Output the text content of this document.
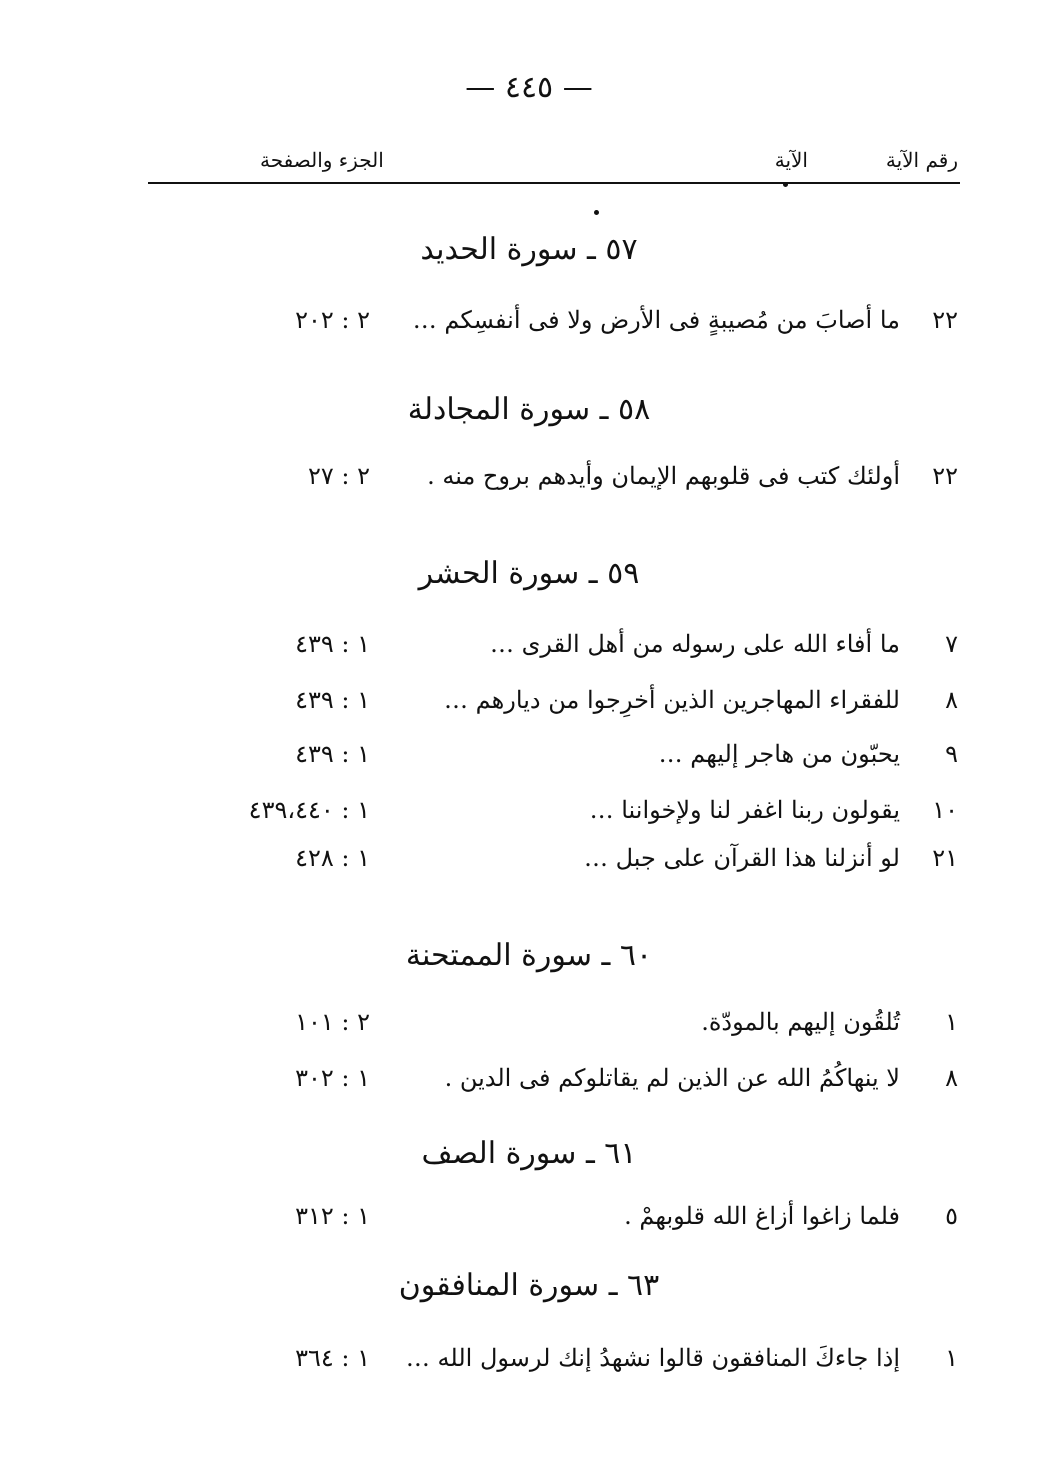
— ٤٤٥ —
رقم الآية
الآية
الجزء والصفحة
٥٧ ـ سورة الحديد
٢٢
ما أصابَ من مُصيبةٍ فى الأرض ولا فى أنفسِكم …
٢ : ٢٠٢
٥٨ ـ سورة المجادلة
٢٢
أولئك كتب فى قلوبهم الإيمان وأيدهم بروح منه .
٢ : ٢٧
٥٩ ـ سورة الحشر
٧
ما أفاء الله على رسوله من أهل القرى …
١ : ٤٣٩
٨
للفقراء المهاجرين الذين أخرِجوا من ديارهم …
١ : ٤٣٩
٩
يحبّون من هاجر إليهم …
١ : ٤٣٩
١٠
يقولون ربنا اغفر لنا ولإخواننا …
١ : ٤٣٩،٤٤٠
٢١
لو أنزلنا هذا القرآن على جبل …
١ : ٤٢٨
٦٠ ـ سورة الممتحنة
١
تُلقُون إليهم بالمودّة.
٢ : ١٠١
٨
لا ينهاكُمُ الله عن الذين لم يقاتلوكم فى الدين .
١ : ٣٠٢
٦١ ـ سورة الصف
٥
فلما زاغوا أزاغ الله قلوبهمْ .
١ : ٣١٢
٦٣ ـ سورة المنافقون
١
إذا جاءكَ المنافقون قالوا نشهدُ إنك لرسول الله …
١ : ٣٦٤
